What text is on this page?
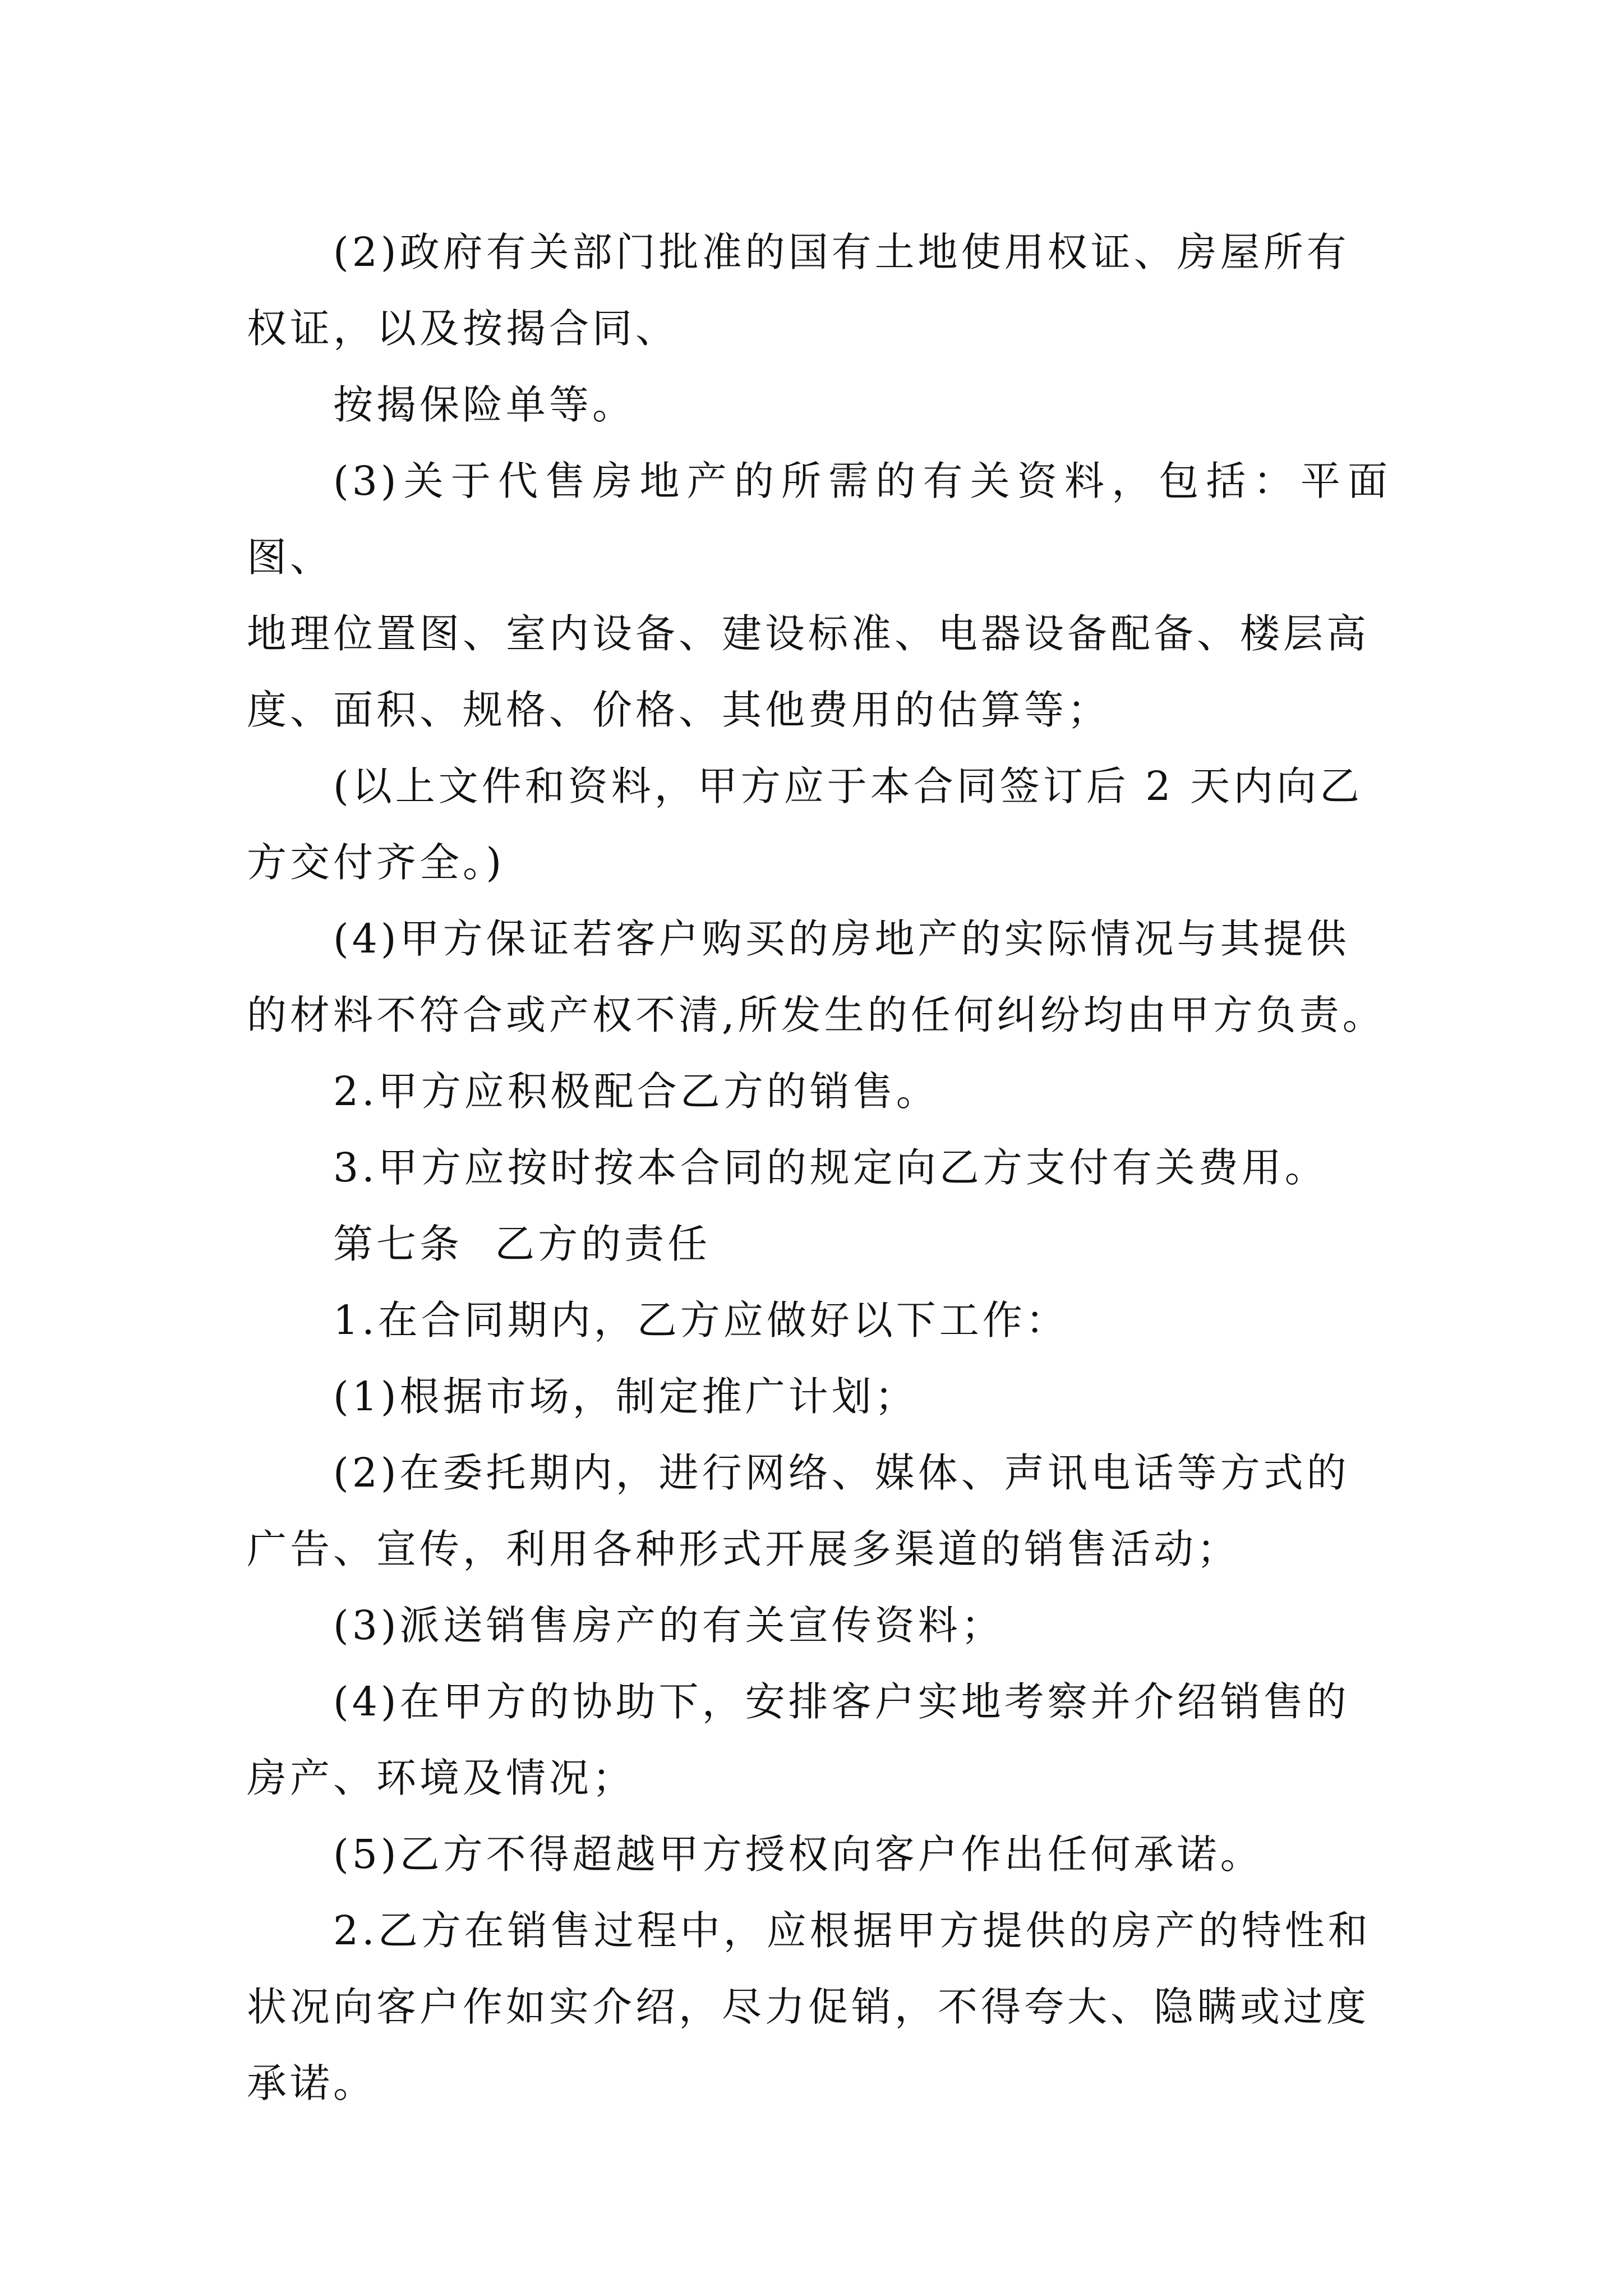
(2)政府有关部门批准的国有土地使用权证、房屋所有
权证，以及按揭合同、
按揭保险单等。
(3)关于代售房地产的所需的有关资料，包括：平面图、
地理位置图、室内设备、建设标准、电器设备配备、楼层高
度、面积、规格、价格、其他费用的估算等；
(以上文件和资料，甲方应于本合同签订后 2 天内向乙
方交付齐全。)
(4)甲方保证若客户购买的房地产的实际情况与其提供
的材料不符合或产权不清,所发生的任何纠纷均由甲方负责。
2.甲方应积极配合乙方的销售。
3.甲方应按时按本合同的规定向乙方支付有关费用。
第七条  乙方的责任
1.在合同期内，乙方应做好以下工作：
(1)根据市场，制定推广计划；
(2)在委托期内，进行网络、媒体、声讯电话等方式的
广告、宣传，利用各种形式开展多渠道的销售活动；
(3)派送销售房产的有关宣传资料；
(4)在甲方的协助下，安排客户实地考察并介绍销售的
房产、环境及情况；
(5)乙方不得超越甲方授权向客户作出任何承诺。
2.乙方在销售过程中，应根据甲方提供的房产的特性和
状况向客户作如实介绍，尽力促销，不得夸大、隐瞒或过度
承诺。
